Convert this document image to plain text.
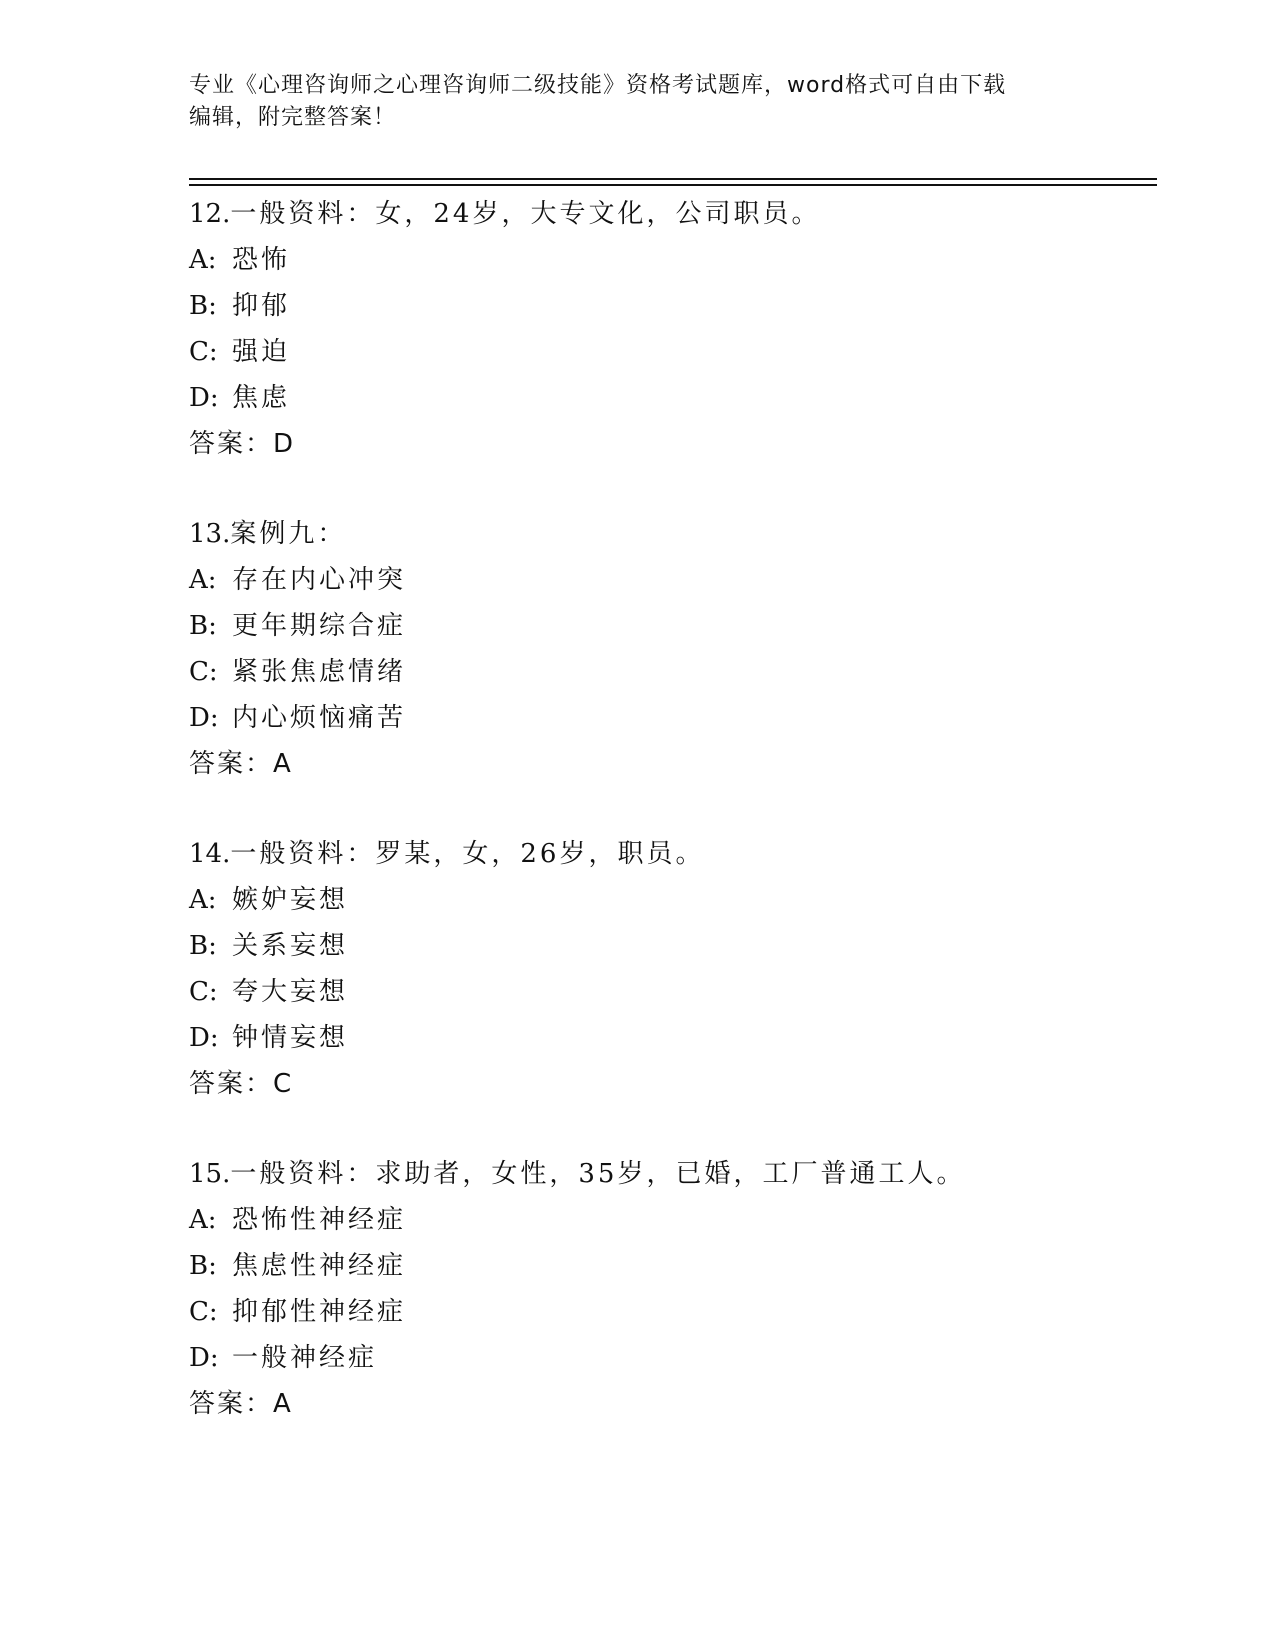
专业《心理咨询师之心理咨询师二级技能》资格考试题库，word格式可自由下载
编辑，附完整答案！
12.一般资料：女，24岁，大专文化，公司职员。
A: 恐怖
B: 抑郁
C: 强迫
D: 焦虑
答案：D
13.案例九：
A: 存在内心冲突
B: 更年期综合症
C: 紧张焦虑情绪
D: 内心烦恼痛苦
答案：A
14.一般资料：罗某，女，26岁，职员。
A: 嫉妒妄想
B: 关系妄想
C: 夸大妄想
D: 钟情妄想
答案：C
15.一般资料：求助者，女性，35岁，已婚，工厂普通工人。
A: 恐怖性神经症
B: 焦虑性神经症
C: 抑郁性神经症
D: 一般神经症
答案：A
